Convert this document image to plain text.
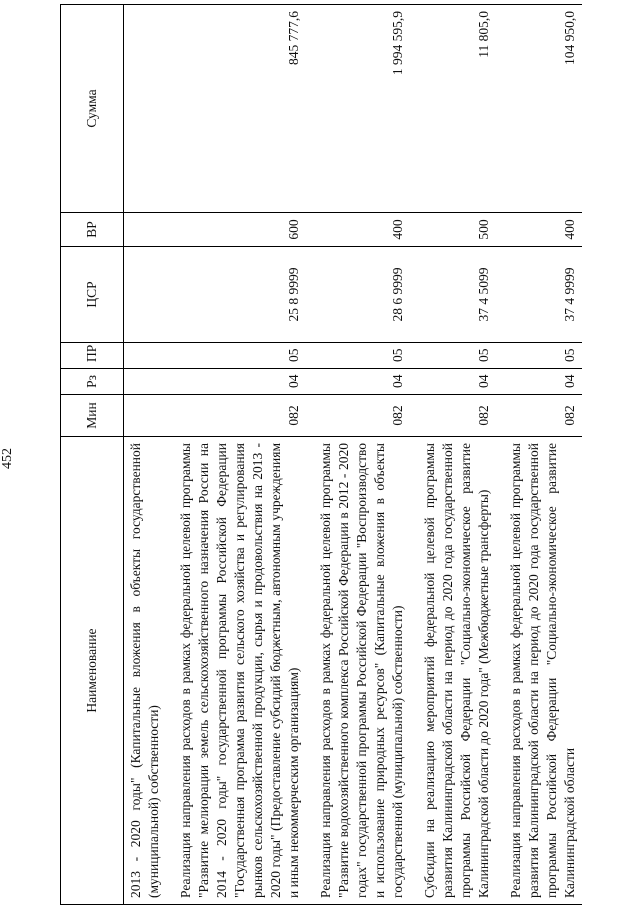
452
Наименование	Мин	Рз	ПР	ЦСР	ВР	Сумма
2013 - 2020 годы" (Капитальные вложения в объекты государственной (муниципальной) собственности)						

Реализация направления расходов в рамках федеральной целевой программы "Развитие мелиорации земель сельскохозяйственного назначения России на 2014 - 2020 годы" государственной программы Российской Федерации "Государственная программа развития сельского хозяйства и регулирования рынков сельскохозяйственной продукции, сырья и продовольствия на 2013 - 2020 годы" (Предоставление субсидий бюджетным, автономным учреждениям и иным некоммерческим организациям)	082	04	05	25 8 9999	600	845 777,6

Реализация направления расходов в рамках федеральной целевой программы "Развитие водохозяйственного комплекса Российской Федерации в 2012 - 2020 годах" государственной программы Российской Федерации "Воспроизводство и использование природных ресурсов" (Капитальные вложения в объекты государственной (муниципальной) собственности)	082	04	05	28 6 9999	400	1 994 595,9

Субсидии на реализацию мероприятий федеральной целевой программы развития Калининградской области на период до 2020 года государственной программы Российской Федерации "Социально-экономическое развитие Калининградской области до 2020 года" (Межбюджетные трансферты)	082	04	05	37 4 5099	500	11 805,0

Реализация направления расходов в рамках федеральной целевой программы развития Калининградской области на период до 2020 года государственной программы Российской Федерации "Социально-экономическое развитие Калининградской области	082	04	05	37 4 9999	400	104 950,0
